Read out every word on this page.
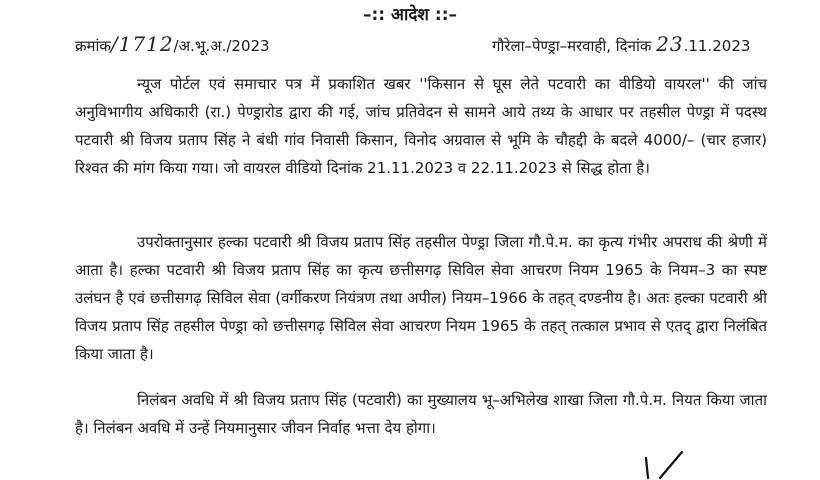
–:: आदेश ::–
क्रमांक/1712/अ.भू.अ./2023	गौरेला–पेण्ड्रा–मरवाही, दिनांक 23.11.2023
न्यूज पोर्टल एवं समाचार पत्र में प्रकाशित खबर ''किसान से घूस लेते पटवारी का वीडियो वायरल'' की जांच अनुविभागीय अधिकारी (रा.) पेण्ड्रारोड द्वारा की गई, जांच प्रतिवेदन से सामने आये तथ्य के आधार पर तहसील पेण्ड्रा में पदस्थ पटवारी श्री विजय प्रताप सिंह ने बंधी गांव निवासी किसान, विनोद अग्रवाल से भूमि के चौहद्दी के बदले 4000/– (चार हजार) रिश्वत की मांग किया गया। जो वायरल वीडियो दिनांक 21.11.2023 व 22.11.2023 से सिद्ध होता है।
उपरोक्तानुसार हल्का पटवारी श्री विजय प्रताप सिंह तहसील पेण्ड्रा जिला गौ.पे.म. का कृत्य गंभीर अपराध की श्रेणी में आता है। हल्का पटवारी श्री विजय प्रताप सिंह का कृत्य छत्तीसगढ़ सिविल सेवा आचरण नियम 1965 के नियम–3 का स्पष्ट उलंघन है एवं छत्तीसगढ़ सिविल सेवा (वर्गीकरण नियंत्रण तथा अपील) नियम–1966 के तहत् दण्डनीय है। अतः हल्का पटवारी श्री विजय प्रताप सिंह तहसील पेण्ड्रा को छत्तीसगढ़ सिविल सेवा आचरण नियम 1965 के तहत् तत्काल प्रभाव से एतद् द्वारा निलंबित किया जाता है।
निलंबन अवधि में श्री विजय प्रताप सिंह (पटवारी) का मुख्यालय भू–अभिलेख शाखा जिला गौ.पे.म. नियत किया जाता है। निलंबन अवधि में उन्हें नियमानुसार जीवन निर्वाह भत्ता देय होगा।
